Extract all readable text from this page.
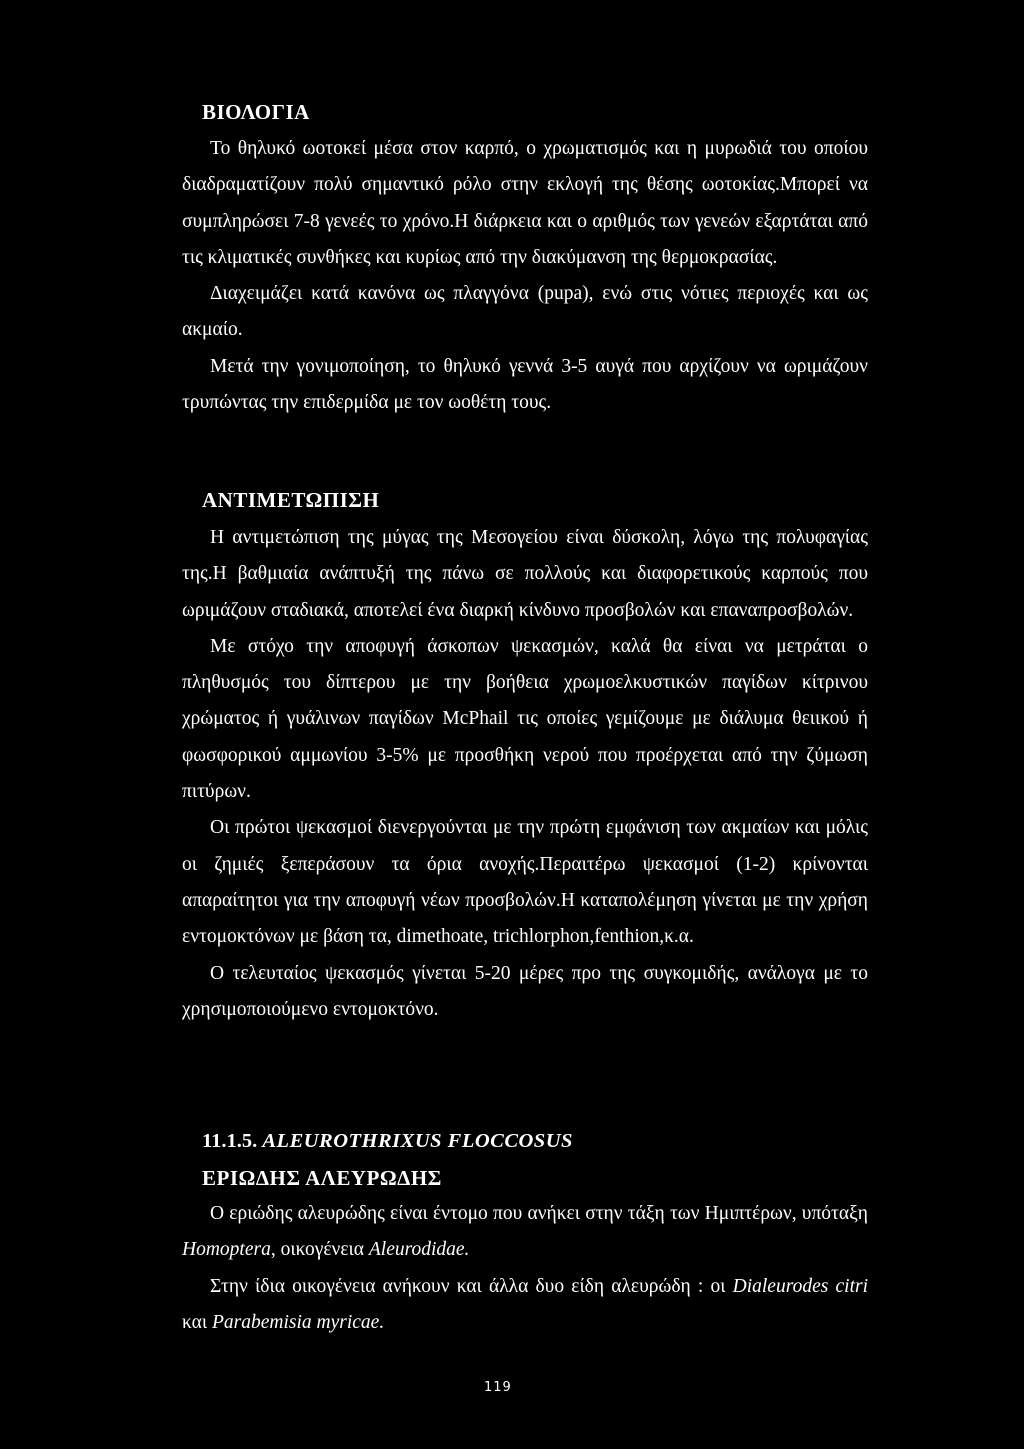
ΒΙΟΛΟΓΙΑ

Το θηλυκό ωοτοκεί μέσα στον καρπό, ο χρωματισμός και η μυρωδιά του οποίου διαδραματίζουν πολύ σημαντικό ρόλο στην εκλογή της θέσης ωοτοκίας.Μπορεί να συμπληρώσει 7-8 γενεές το χρόνο.Η διάρκεια και ο αριθμός των γενεών εξαρτάται από τις κλιματικές συνθήκες και κυρίως από την διακύμανση της θερμοκρασίας.

Διαχειμάζει κατά κανόνα ως πλαγγόνα (pupa), ενώ στις νότιες περιοχές και ως ακμαίο.

Μετά την γονιμοποίηση, το θηλυκό γεννά 3-5 αυγά που αρχίζουν να ωριμάζουν τρυπώντας την επιδερμίδα με τον ωοθέτη τους.

ΑΝΤΙΜΕΤΩΠΙΣΗ

Η αντιμετώπιση της μύγας της Μεσογείου είναι δύσκολη, λόγω της πολυφαγίας της.Η βαθμιαία ανάπτυξή της πάνω σε πολλούς και διαφορετικούς καρπούς που ωριμάζουν σταδιακά, αποτελεί ένα διαρκή κίνδυνο προσβολών και επαναπροσβολών.

Με στόχο την αποφυγή άσκοπων ψεκασμών, καλά θα είναι να μετράται ο πληθυσμός του δίπτερου με την βοήθεια χρωμοελκυστικών παγίδων κίτρινου χρώματος ή γυάλινων παγίδων McPhail τις οποίες γεμίζουμε με διάλυμα θειικού ή φωσφορικού αμμωνίου 3-5% με προσθήκη νερού που προέρχεται από την ζύμωση πιτύρων.

Οι πρώτοι ψεκασμοί διενεργούνται με την πρώτη εμφάνιση των ακμαίων και μόλις οι ζημιές ξεπεράσουν τα όρια ανοχής.Περαιτέρω ψεκασμοί (1-2) κρίνονται απαραίτητοι για την αποφυγή νέων προσβολών.Η καταπολέμηση γίνεται με την χρήση εντομοκτόνων με βάση τα, dimethoate, trichlorphon,fenthion,κ.α.

Ο τελευταίος ψεκασμός γίνεται 5-20 μέρες προ της συγκομιδής, ανάλογα με το χρησιμοποιούμενο εντομοκτόνο.

11.1.5. ALEUROTHRIXUS FLOCCOSUS
ΕΡΙΩΔΗΣ ΑΛΕΥΡΩΔΗΣ

Ο εριώδης αλευρώδης είναι έντομο που ανήκει στην τάξη των Ημιπτέρων, υπόταξη Homoptera, οικογένεια Aleurodidae.

Στην ίδια οικογένεια ανήκουν και άλλα δυο είδη αλευρώδη : οι Dialeurodes citri και Parabemisia myricae.

119
